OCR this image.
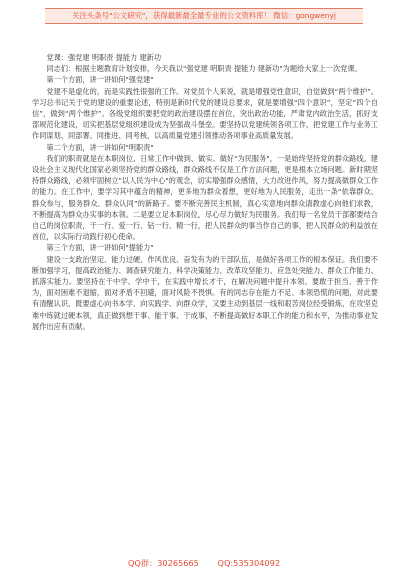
关注头条号"公文研究"，获得最新最全最专业的公文资料库！ 微信：gongwenyj

党课：强党建 明职责 提能力 建新功

同志们：根据主题教育计划安排，今天我以"强党建 明职责 提能力 建新功"为题给大家上一次党课。

第一个方面，讲一讲如何"强党建"

党建不是虚化的，而是实践性很强的工作。对党员个人来说，就是增强党性意识，自觉做到“两个维护”。学习总书记关于党的建设的重要论述，特别是新时代党的建设总要求，就是要增强“四个意识”，坚定“四个自信”，做到“两个维护”。各级党组织要把党的政治建设摆在首位，突出政治功能，严肃党内政治生活，抓好支部规范化建设，切实把基层党组织建设成为坚强战斗堡垒。要坚持以党建统领各项工作，把党建工作与业务工作同谋划、同部署、同推进、同考核，以高质量党建引领推动各项事业高质量发展。

第二个方面，讲一讲如何"明职责"

我们的职责就是在本职岗位、日常工作中做到、做实、做好"为民服务"，一是始终坚持党的群众路线。建设社会主义现代化国家必须坚持党的群众路线，群众路线不仅是工作方法问题，更是根本立场问题。新时期坚持群众路线，必须牢固树立"以人民为中心"的观念，切实增强群众感情，大力改进作风，努力提高做群众工作的能力。在工作中，要学习其中蕴含的精神，更多地为群众着想，更好地为人民服务，走出一条“依靠群众、群众参与，服务群众、群众认同”的新路子。要不断完善民主机制，真心实意地向群众请教虚心向他们求教，不断提高为群众办实事的本领。二是要立足本职岗位，尽心尽力做好为民服务。我们每一名党员干部都要结合自己的岗位职责，干一行、爱一行、钻一行、精一行，把人民群众的事当作自己的事，把人民群众的利益放在首位，以实际行动践行初心使命。

第三个方面，讲一讲如何"提能力"

建设一支政治坚定、能力过硬、作风优良、奋发有为的干部队伍，是做好各项工作的根本保证。我们要不断加强学习，提高政治能力、调查研究能力、科学决策能力、改革攻坚能力、应急处突能力、群众工作能力、抓落实能力。要坚持在干中学、学中干，在实践中增长才干，在解决问题中提升本领。要敢于担当、善于作为，面对困难不退缩，面对矛盾不回避，面对风险不畏惧。有的同志存在能力不足、本领恐慌的问题，对此要有清醒认识，既要虚心向书本学、向实践学、向群众学，又要主动到基层一线和艰苦岗位经受锻炼，在攻坚克难中练就过硬本领，真正做到想干事、能干事、干成事，不断提高做好本职工作的能力和水平，为推动事业发展作出应有贡献。

QQ群：30265665 QQ:535304092
